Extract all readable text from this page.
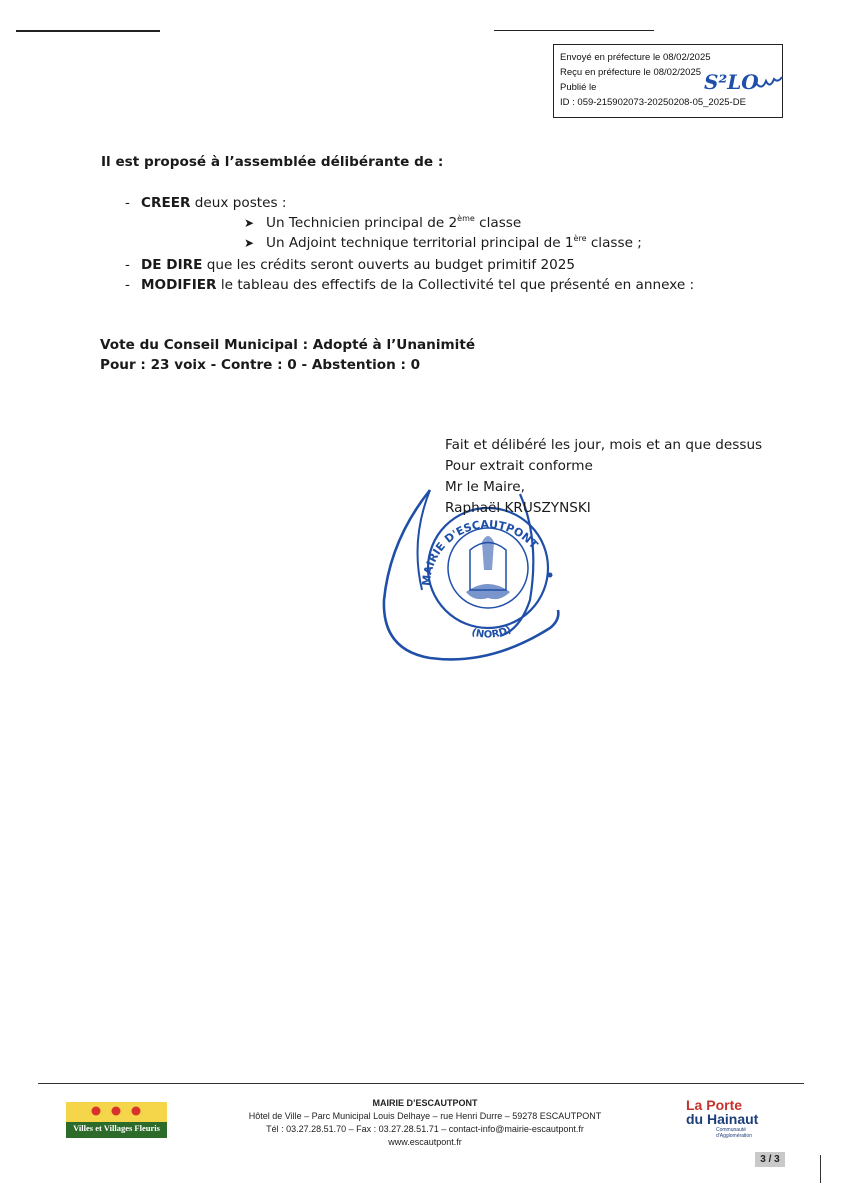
Envoyé en préfecture le 08/02/2025
Reçu en préfecture le 08/02/2025
Publié le
ID : 059-215902073-20250208-05_2025-DE
S²LO
Il est proposé à l’assemblée délibérante de :
- CREER deux postes :
➤ Un Technicien principal de 2ème classe
➤ Un Adjoint technique territorial principal de 1ère classe ;
- DE DIRE que les crédits seront ouverts au budget primitif 2025
- MODIFIER le tableau des effectifs de la Collectivité tel que présenté en annexe :
Vote du Conseil Municipal : Adopté à l’Unanimité
Pour : 23 voix - Contre : 0 - Abstention : 0
MAIRIE D'ESCAUTPONT
(NORD)
Fait et délibéré les jour, mois et an que dessus
Pour extrait conforme
Mr le Maire,
Raphaël KRUSZYNSKI
Villes et Villages Fleuris
MAIRIE D’ESCAUTPONT
Hôtel de Ville – Parc Municipal Louis Delhaye – rue Henri Durre – 59278 ESCAUTPONT
Tél : 03.27.28.51.70 – Fax : 03.27.28.51.71 – contact-info@mairie-escautpont.fr
www.escautpont.fr
La Porte
du Hainaut
Communauté d'Agglomération
3 / 3
